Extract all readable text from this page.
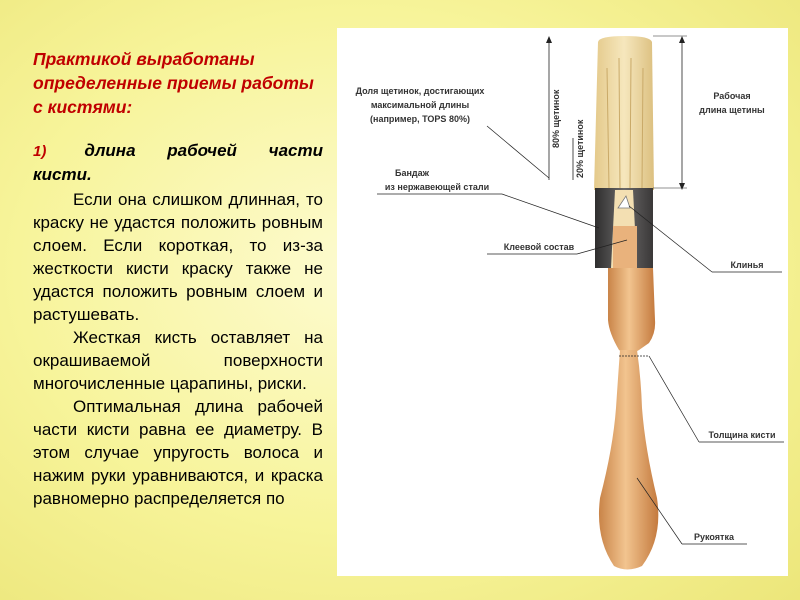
Практикой выработаны определенные приемы работы с кистями:
1) длина рабочей части
кисти.

Если она слишком длинная, то краску не удастся положить ровным слоем. Если короткая, то из-за жесткости кисти краску также не удастся положить ровным слоем и растушевать.

Жесткая кисть оставляет на окрашиваемой поверхности многочисленные царапины, риски.

Оптимальная длина рабочей части кисти равна ее диаметру. В этом случае упругость волоса и нажим руки уравниваются, и краска равномерно распределяется по

80% щетинок
20% щетинок
Доля щетинок, достигающих
максимальной длины
(например, TOPS 80%)
Бандаж
из нержавеющей стали
Клеевой состав
Рабочая
длина щетины
Клинья
Толщина кисти
Рукоятка
